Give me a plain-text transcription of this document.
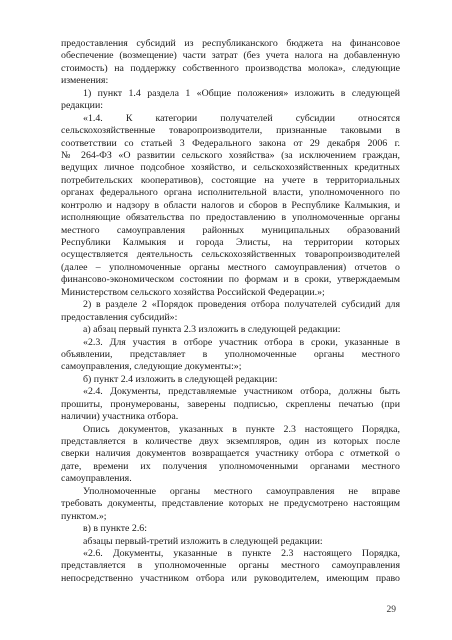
предоставления субсидий из республиканского бюджета на финансовое
обеспечение (возмещение) части затрат (без учета налога на добавленную
стоимость) на поддержку собственного производства молока», следующие
изменения:
1) пункт 1.4 раздела 1 «Общие положения» изложить в следующей
редакции:
«1.4. К категории получателей субсидии относятся
сельскохозяйственные товаропроизводители, признанные таковыми в
соответствии со статьей 3 Федерального закона от 29 декабря 2006 г.
№ 264-ФЗ «О развитии сельского хозяйства» (за исключением граждан,
ведущих личное подсобное хозяйство, и сельскохозяйственных кредитных
потребительских кооперативов), состоящие на учете в территориальных
органах федерального органа исполнительной власти, уполномоченного по
контролю и надзору в области налогов и сборов в Республике Калмыкия, и
исполняющие обязательства по предоставлению в уполномоченные органы
местного самоуправления районных муниципальных образований
Республики Калмыкия и города Элисты, на территории которых
осуществляется деятельность сельскохозяйственных товаропроизводителей
(далее – уполномоченные органы местного самоуправления) отчетов о
финансово-экономическом состоянии по формам и в сроки, утверждаемым
Министерством сельского хозяйства Российской Федерации.»;
2) в разделе 2 «Порядок проведения отбора получателей субсидий для
предоставления субсидий»:
а) абзац первый пункта 2.3 изложить в следующей редакции:
«2.3. Для участия в отборе участник отбора в сроки, указанные в
объявлении, представляет в уполномоченные органы местного
самоуправления, следующие документы:»;
б) пункт 2.4 изложить в следующей редакции:
«2.4. Документы, представляемые участником отбора, должны быть
прошиты, пронумерованы, заверены подписью, скреплены печатью (при
наличии) участника отбора.
Опись документов, указанных в пункте 2.3 настоящего Порядка,
представляется в количестве двух экземпляров, один из которых после
сверки наличия документов возвращается участнику отбора с отметкой о
дате, времени их получения уполномоченными органами местного
самоуправления.
Уполномоченные органы местного самоуправления не вправе
требовать документы, представление которых не предусмотрено настоящим
пунктом.»;
в) в пункте 2.6:
абзацы первый-третий изложить в следующей редакции:
«2.6. Документы, указанные в пункте 2.3 настоящего Порядка,
представляется в уполномоченные органы местного самоуправления
непосредственно участником отбора или руководителем, имеющим право
29
